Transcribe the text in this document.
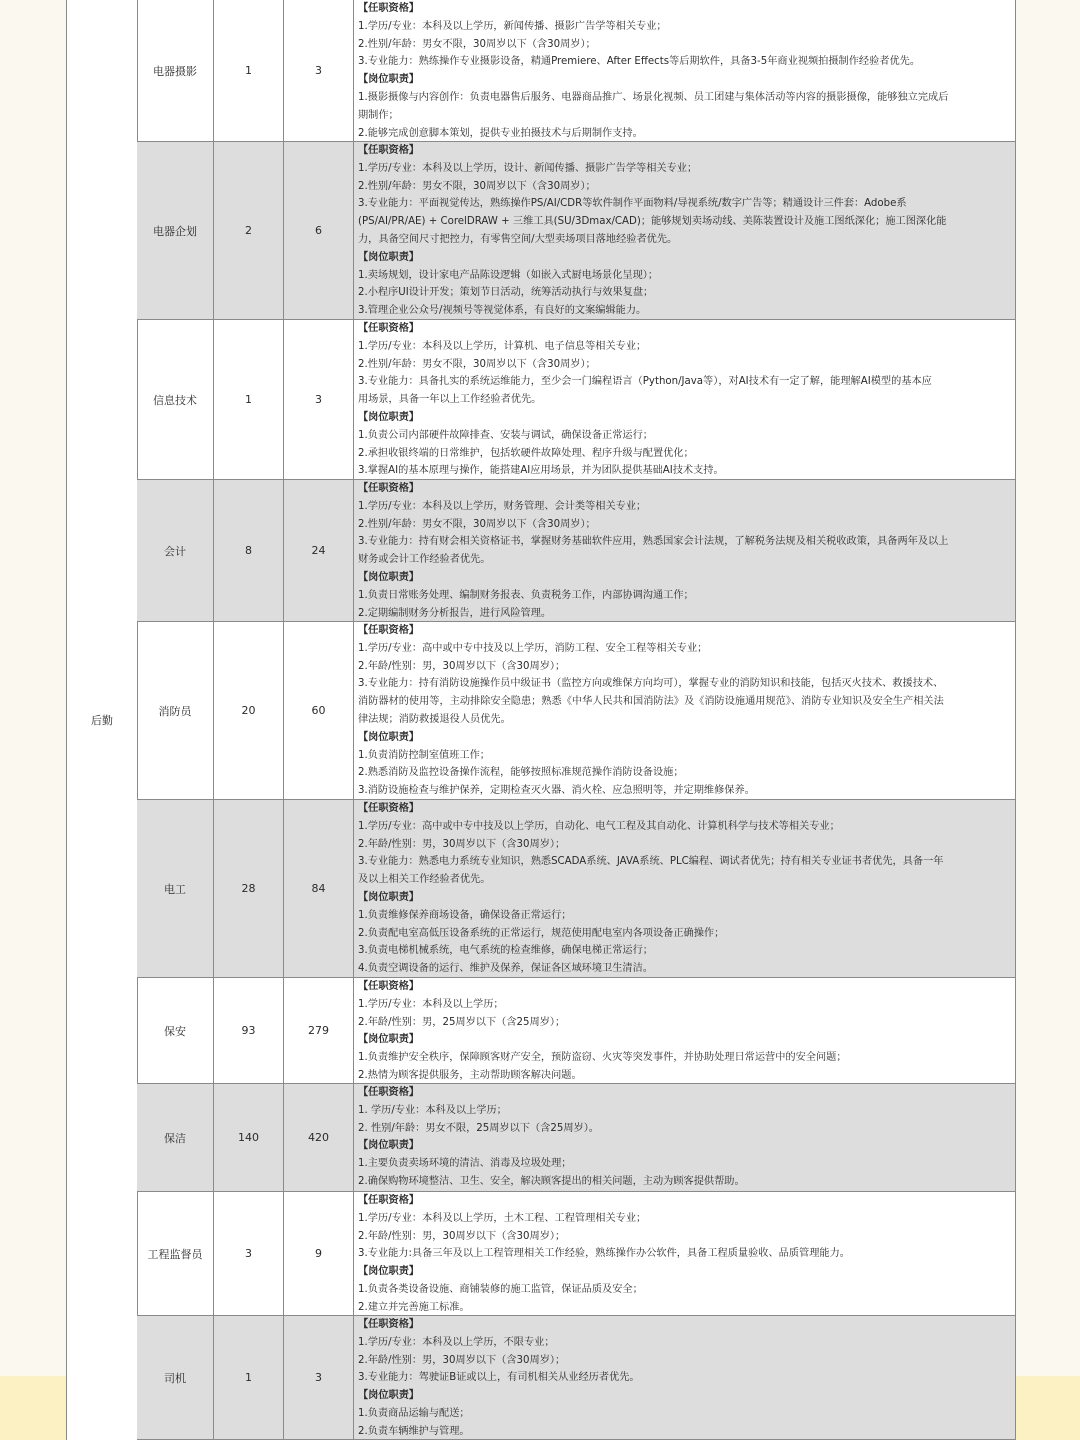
后勤
电器摄影	1	3
【任职资格】
1.学历/专业：本科及以上学历，新闻传播、摄影广告学等相关专业；
2.性别/年龄：男女不限，30周岁以下（含30周岁）；
3.专业能力：熟练操作专业摄影设备，精通Premiere、After Effects等后期软件，具备3-5年商业视频拍摄制作经验者优先。
【岗位职责】
1.摄影摄像与内容创作：负责电器售后服务、电器商品推广、场景化视频、员工团建与集体活动等内容的摄影摄像，能够独立完成后
期制作；
2.能够完成创意脚本策划，提供专业拍摄技术与后期制作支持。
电器企划	2	6
【任职资格】
1.学历/专业：本科及以上学历，设计、新闻传播、摄影广告学等相关专业；
2.性别/年龄：男女不限，30周岁以下（含30周岁）；
3.专业能力：平面视觉传达，熟练操作PS/AI/CDR等软件制作平面物料/导视系统/数字广告等；精通设计三件套：Adobe系
(PS/AI/PR/AE) + CorelDRAW + 三维工具(SU/3Dmax/CAD)；能够规划卖场动线、美陈装置设计及施工图纸深化；施工图深化能
力，具备空间尺寸把控力，有零售空间/大型卖场项目落地经验者优先。
【岗位职责】
1.卖场规划，设计家电产品陈设逻辑（如嵌入式厨电场景化呈现）；
2.小程序UI设计开发；策划节日活动，统筹活动执行与效果复盘；
3.管理企业公众号/视频号等视觉体系，有良好的文案编辑能力。
信息技术	1	3
【任职资格】
1.学历/专业：本科及以上学历，计算机、电子信息等相关专业；
2.性别/年龄：男女不限，30周岁以下（含30周岁）；
3.专业能力：具备扎实的系统运维能力，至少会一门编程语言（Python/Java等），对AI技术有一定了解，能理解AI模型的基本应
用场景，具备一年以上工作经验者优先。
【岗位职责】
1.负责公司内部硬件故障排查、安装与调试，确保设备正常运行；
2.承担收银终端的日常维护，包括软硬件故障处理、程序升级与配置优化；
3.掌握AI的基本原理与操作，能搭建AI应用场景，并为团队提供基础AI技术支持。
会计	8	24
【任职资格】
1.学历/专业：本科及以上学历，财务管理、会计类等相关专业；
2.性别/年龄：男女不限，30周岁以下（含30周岁）；
3.专业能力：持有财会相关资格证书，掌握财务基础软件应用，熟悉国家会计法规，了解税务法规及相关税收政策，具备两年及以上
财务或会计工作经验者优先。
【岗位职责】
1.负责日常账务处理、编制财务报表、负责税务工作，内部协调沟通工作；
2.定期编制财务分析报告，进行风险管理。
消防员	20	60
【任职资格】
1.学历/专业：高中或中专中技及以上学历，消防工程、安全工程等相关专业；
2.年龄/性别：男，30周岁以下（含30周岁）；
3.专业能力：持有消防设施操作员中级证书（监控方向或维保方向均可），掌握专业的消防知识和技能，包括灭火技术、救援技术、
消防器材的使用等，主动排除安全隐患；熟悉《中华人民共和国消防法》及《消防设施通用规范》、消防专业知识及安全生产相关法
律法规；消防救援退役人员优先。
【岗位职责】
1.负责消防控制室值班工作；
2.熟悉消防及监控设备操作流程，能够按照标准规范操作消防设备设施；
3.消防设施检查与维护保养，定期检查灭火器、消火栓、应急照明等，并定期维修保养。
电工	28	84
【任职资格】
1.学历/专业：高中或中专中技及以上学历，自动化、电气工程及其自动化、计算机科学与技术等相关专业；
2.年龄/性别：男，30周岁以下（含30周岁）；
3.专业能力：熟悉电力系统专业知识，熟悉SCADA系统、JAVA系统、PLC编程、调试者优先；持有相关专业证书者优先，具备一年
及以上相关工作经验者优先。
【岗位职责】
1.负责维修保养商场设备，确保设备正常运行；
2.负责配电室高低压设备系统的正常运行，规范使用配电室内各项设备正确操作；
3.负责电梯机械系统，电气系统的检查维修，确保电梯正常运行；
4.负责空调设备的运行、维护及保养，保证各区域环境卫生清洁。
保安	93	279
【任职资格】
1.学历/专业：本科及以上学历；
2.年龄/性别：男，25周岁以下（含25周岁）；
【岗位职责】
1.负责维护安全秩序，保障顾客财产安全，预防盗窃、火灾等突发事件，并协助处理日常运营中的安全问题；
2.热情为顾客提供服务，主动帮助顾客解决问题。
保洁	140	420
【任职资格】
1. 学历/专业：本科及以上学历；
2. 性别/年龄：男女不限，25周岁以下（含25周岁）。
【岗位职责】
1.主要负责卖场环境的清洁、消毒及垃圾处理；
2.确保购物环境整洁、卫生、安全，解决顾客提出的相关问题，主动为顾客提供帮助。
工程监督员	3	9
【任职资格】
1.学历/专业：本科及以上学历，土木工程、工程管理相关专业；
2.年龄/性别：男，30周岁以下（含30周岁）；
3.专业能力:具备三年及以上工程管理相关工作经验，熟练操作办公软件，具备工程质量验收、品质管理能力。
【岗位职责】
1.负责各类设备设施、商铺装修的施工监管，保证品质及安全；
2.建立并完善施工标准。
司机	1	3
【任职资格】
1.学历/专业：本科及以上学历，不限专业；
2.年龄/性别：男，30周岁以下（含30周岁）；
3.专业能力：驾驶证B证或以上，有司机相关从业经历者优先。
【岗位职责】
1.负责商品运输与配送；
2.负责车辆维护与管理。
